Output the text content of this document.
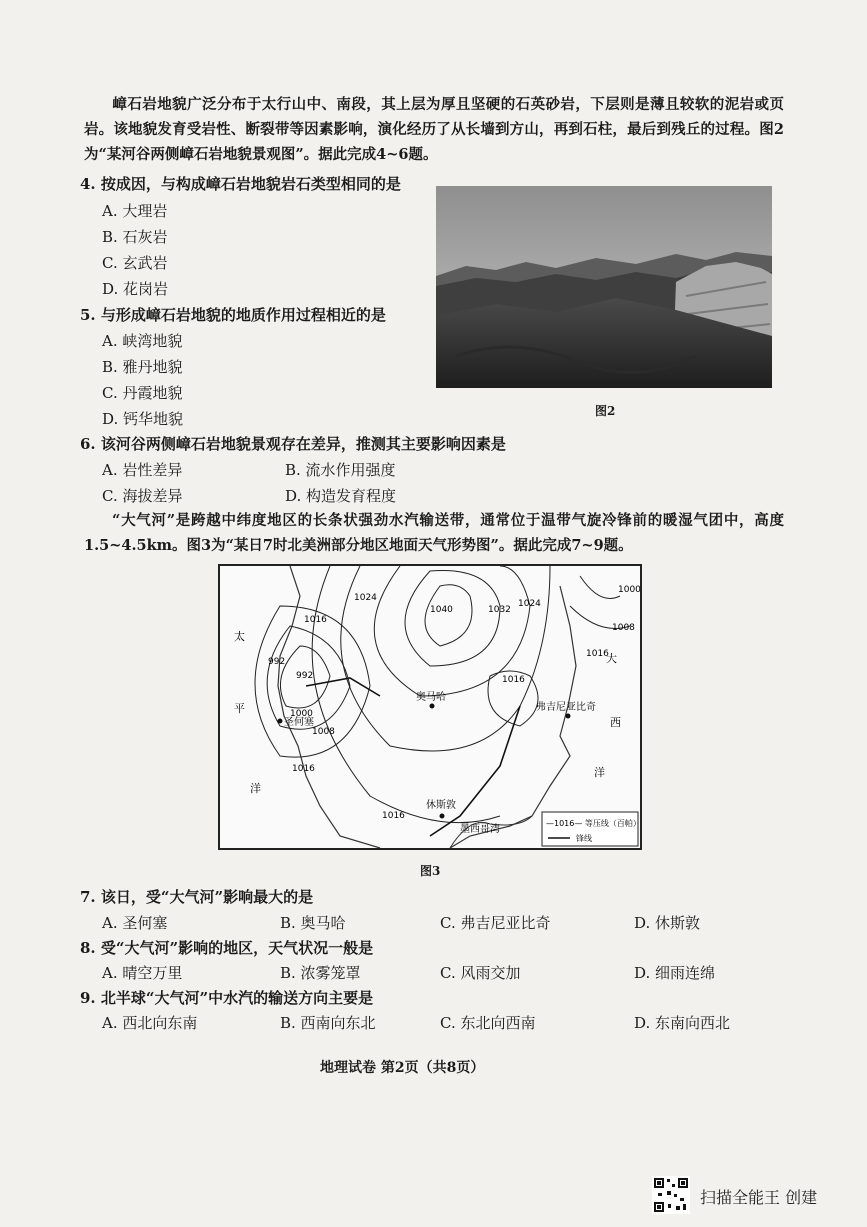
嶂石岩地貌广泛分布于太行山中、南段，其上层为厚且坚硬的石英砂岩，下层则是薄且较软的泥岩或页岩。该地貌发育受岩性、断裂带等因素影响，演化经历了从长墙到方山，再到石柱，最后到残丘的过程。图2为“某河谷两侧嶂石岩地貌景观图”。据此完成4~6题。
4. 按成因，与构成嶂石岩地貌岩石类型相同的是
A. 大理岩
B. 石灰岩
C. 玄武岩
D. 花岗岩
5. 与形成嶂石岩地貌的地质作用过程相近的是
A. 峡湾地貌
B. 雅丹地貌
C. 丹霞地貌
D. 钙华地貌	图2
6. 该河谷两侧嶂石岩地貌景观存在差异，推测其主要影响因素是
A. 岩性差异	B. 流水作用强度
C. 海拔差异	D. 构造发育程度
“大气河”是跨越中纬度地区的长条状强劲水汽输送带，通常位于温带气旋冷锋前的暖湿气团中，高度1.5~4.5km。图3为“某日7时北美洲部分地区地面天气形势图”。据此完成7~9题。
1000
1024
1040	1032
1024
1016
992
992
1000
1008
1016
1016
1008
1016
1016
圣何塞
奥马哈
弗吉尼亚比奇
休斯敦
太
平
洋
大
西
洋
墨西哥湾
—1016— 等压线（百帕）
锋线
图3
7. 该日，受“大气河”影响最大的是
A. 圣何塞	B. 奥马哈	C. 弗吉尼亚比奇	D. 休斯敦
8. 受“大气河”影响的地区，天气状况一般是
A. 晴空万里	B. 浓雾笼罩	C. 风雨交加	D. 细雨连绵
9. 北半球“大气河”中水汽的输送方向主要是
A. 西北向东南	B. 西南向东北	C. 东北向西南	D. 东南向西北
地理试卷 第2页（共8页）
扫描全能王 创建
